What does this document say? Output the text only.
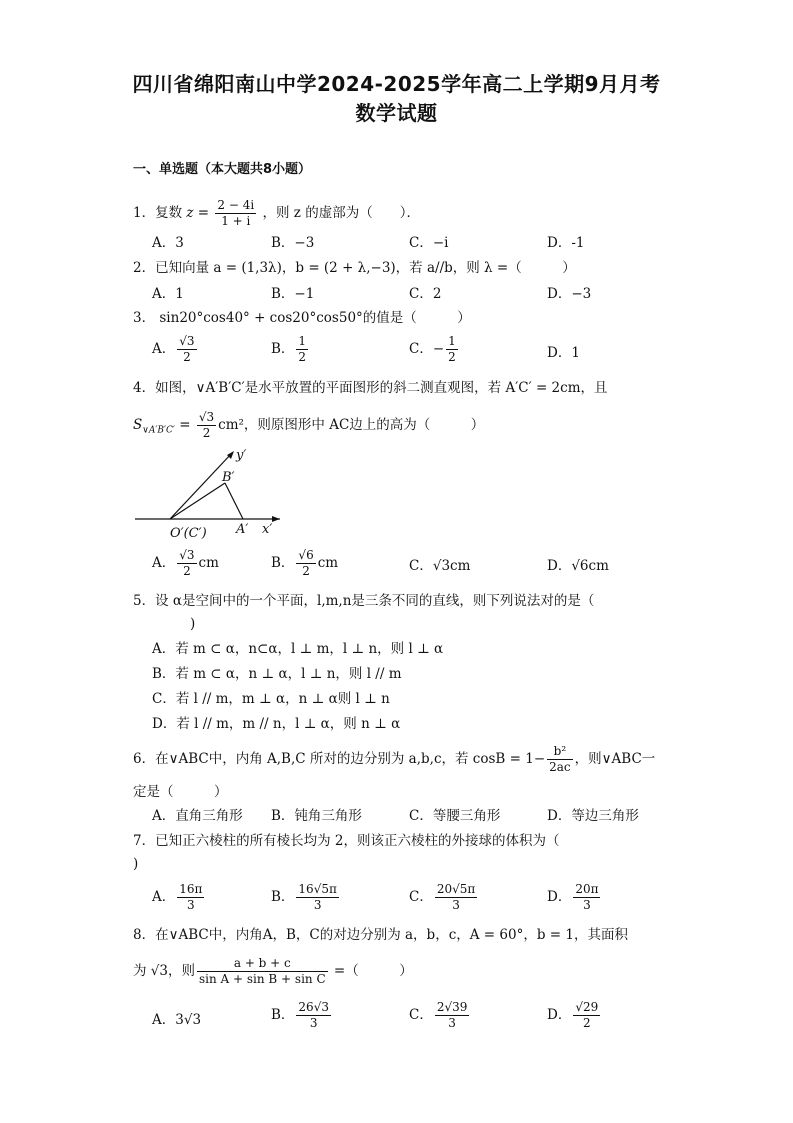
四川省绵阳南山中学2024-2025学年高二上学期9月月考
数学试题
一、单选题（本大题共8小题）
1．复数 $z = \frac{2 - 4i}{1 + i}$ ，则 z 的虚部为（　　）．
A．3	B．−3	C．−i	D．-1
2．已知向量 a = (1,3λ)，b = (2 + λ,−3)，若 a//b，则 λ =（　　　）
A．1	B．−1	C．2	D．−3
3． sin20°cos40° + cos20°cos50°的值是（　　　）
A． $\frac{√3}{2}$	B． $\frac{1}{2}$	C．− $\frac{1}{2}$	D．1
4．如图，∨A′B′C′是水平放置的平面图形的斜二测直观图，若 A′C′ = 2cm，且
$S_{\vee A'B'C'} = \frac{√3}{2} cm^2$，则原图形中 AC边上的高为（　　　）
y′
B′
O′(C′) A′ x′
A． $\frac{√3}{2}$ cm	B． $\frac{√6}{2}$ cm	C．√3cm	D．√6cm
5．设 α是空间中的一个平面，l,m,n是三条不同的直线，则下列说法对的是（
)
A．若 m ⊂ α，n⊂α，l ⊥ m，l ⊥ n，则 l ⊥ α
B．若 m ⊂ α，n ⊥ α，l ⊥ n，则 l // m
C．若 l // m，m ⊥ α，n ⊥ α则 l ⊥ n
D．若 l // m，m // n，l ⊥ α，则 n ⊥ α
6．在∨ABC中，内角 A,B,C 所对的边分别为 a,b,c，若 $\cos B = 1- \frac{\text{b²}}{2ac}$ ，则∨ABC一
定是（　　　）
A．直角三角形 B．钝角三角形	C．等腰三角形	D．等边三角形
7．已知正六棱柱的所有棱长均为 2，则该正六棱柱的外接球的体积为（
)
A． $\frac{16\pi}{3}$	B． $\frac{16√5\pi}{3}$	C． $\frac{20√5\pi}{3}$	D． $\frac{20\pi}{3}$
8．在∨ABC中，内角A，B，C的对边分别为 a，b，c，A = 60°，b = 1，其面积
为 √3，则 $\frac{a + b + c}{\text{sin A + sin B + sin C}}$ =（　　　）
A．3√3	B． $\frac{26√3}{3}$	C． $\frac{2√39}{3}$	D． $\frac{√29}{2}$
